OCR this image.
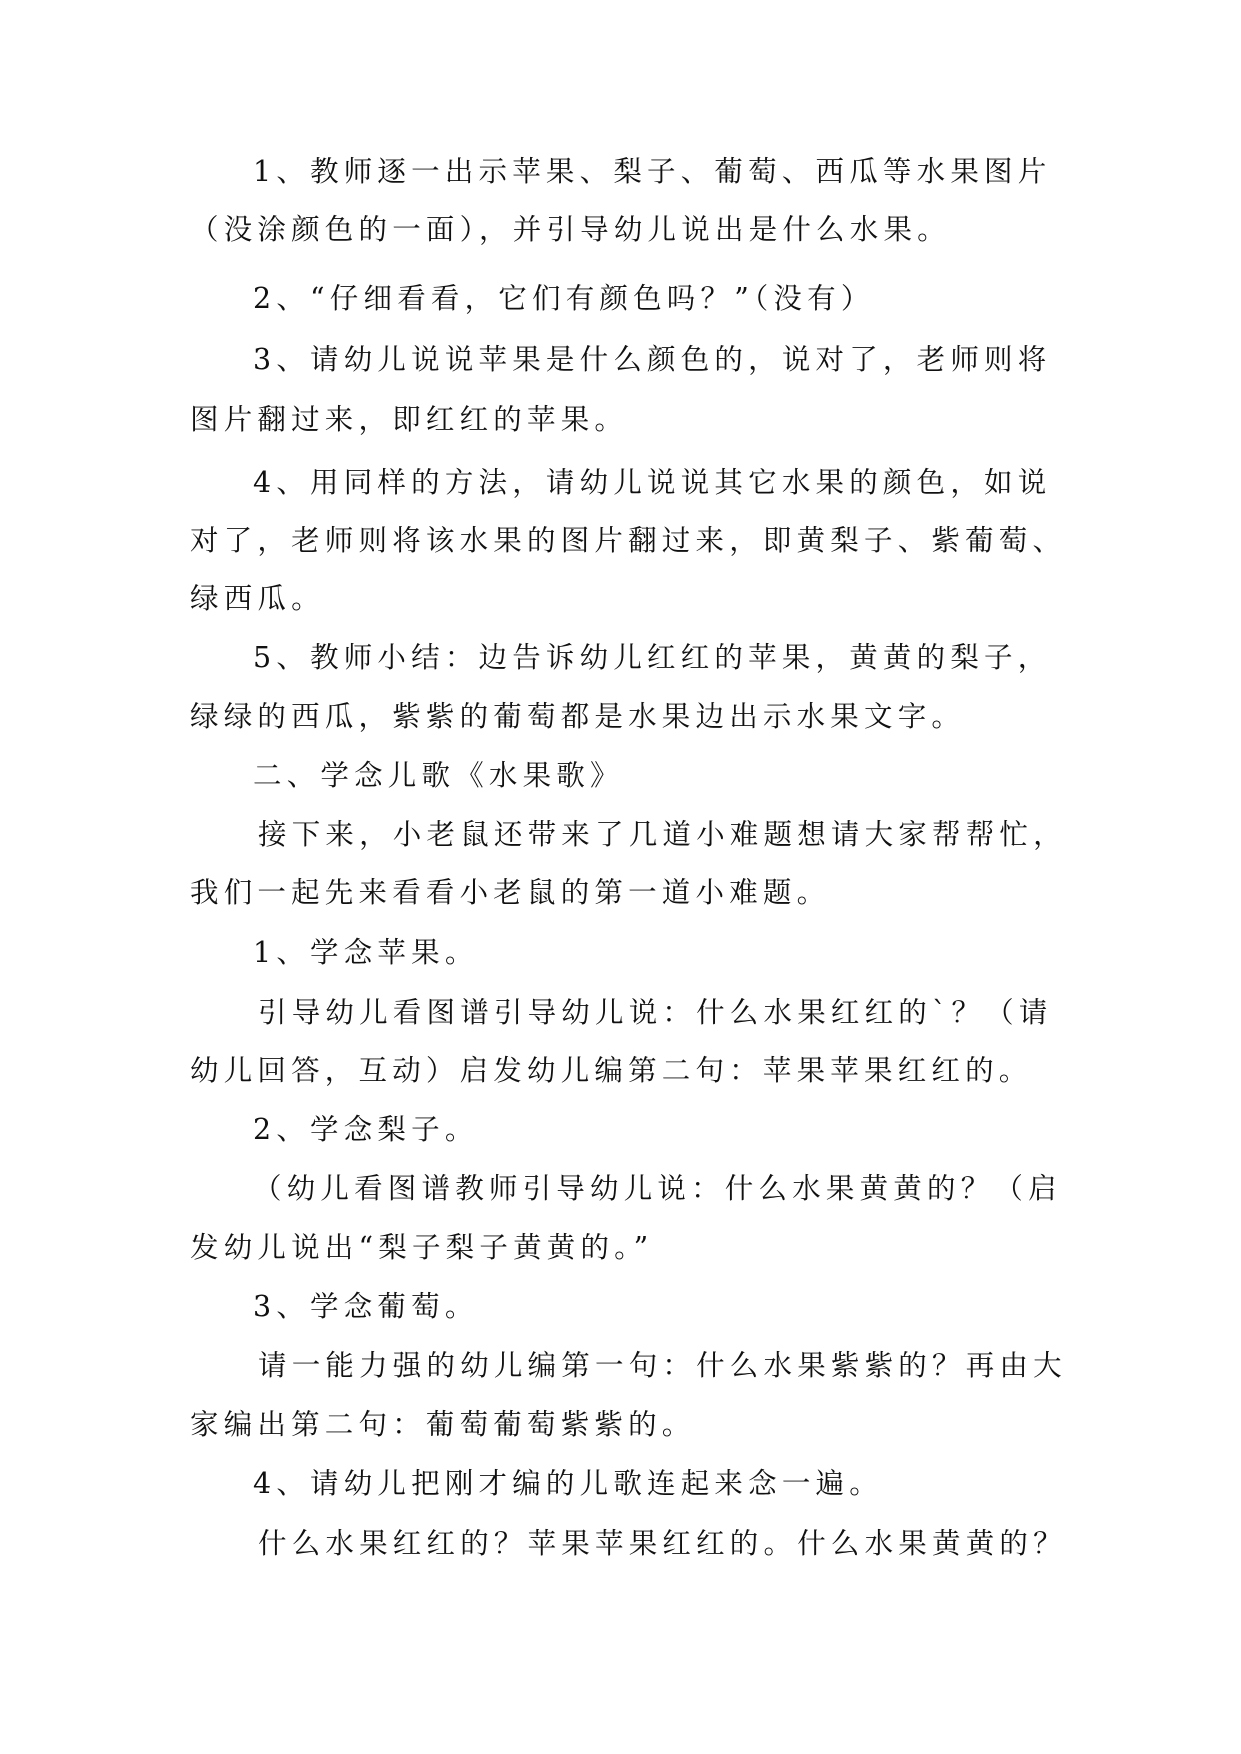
1、教师逐一出示苹果、梨子、葡萄、西瓜等水果图片

（没涂颜色的一面），并引导幼儿说出是什么水果。

2、“仔细看看，它们有颜色吗？”（没有）

3、请幼儿说说苹果是什么颜色的，说对了，老师则将

图片翻过来，即红红的苹果。

4、用同样的方法，请幼儿说说其它水果的颜色，如说

对了，老师则将该水果的图片翻过来，即黄梨子、紫葡萄、

绿西瓜。

5、教师小结：边告诉幼儿红红的苹果，黄黄的梨子，

绿绿的西瓜，紫紫的葡萄都是水果边出示水果文字。

二、学念儿歌《水果歌》

接下来，小老鼠还带来了几道小难题想请大家帮帮忙，

我们一起先来看看小老鼠的第一道小难题。

1、学念苹果。

引导幼儿看图谱引导幼儿说：什么水果红红的`？（请

幼儿回答，互动）启发幼儿编第二句：苹果苹果红红的。

2、学念梨子。

（幼儿看图谱教师引导幼儿说：什么水果黄黄的？（启

发幼儿说出“梨子梨子黄黄的。”

3、学念葡萄。

请一能力强的幼儿编第一句：什么水果紫紫的？再由大

家编出第二句：葡萄葡萄紫紫的。

4、请幼儿把刚才编的儿歌连起来念一遍。

什么水果红红的？苹果苹果红红的。什么水果黄黄的？
